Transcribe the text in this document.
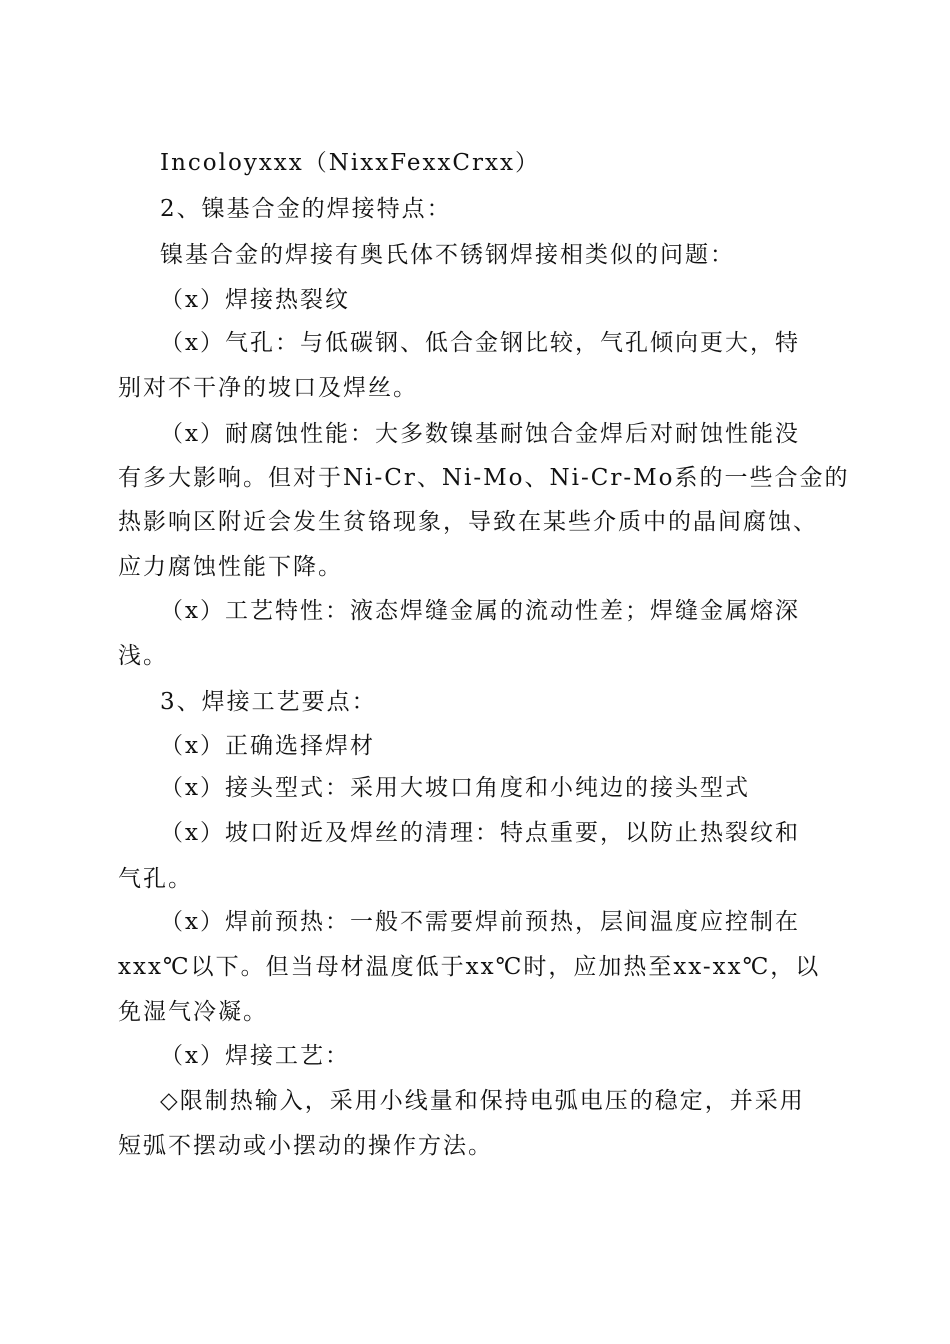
Incoloyxxx（NixxFexxCrxx）
2、镍基合金的焊接特点：
镍基合金的焊接有奥氏体不锈钢焊接相类似的问题：
（x）焊接热裂纹
（x）气孔：与低碳钢、低合金钢比较，气孔倾向更大，特
别对不干净的坡口及焊丝。
（x）耐腐蚀性能：大多数镍基耐蚀合金焊后对耐蚀性能没
有多大影响。但对于Ni-Cr、Ni-Mo、Ni-Cr-Mo系的一些合金的
热影响区附近会发生贫铬现象，导致在某些介质中的晶间腐蚀、
应力腐蚀性能下降。
（x）工艺特性：液态焊缝金属的流动性差；焊缝金属熔深
浅。
3、焊接工艺要点：
（x）正确选择焊材
（x）接头型式：采用大坡口角度和小纯边的接头型式
（x）坡口附近及焊丝的清理：特点重要，以防止热裂纹和
气孔。
（x）焊前预热：一般不需要焊前预热，层间温度应控制在
xxx℃以下。但当母材温度低于xx℃时，应加热至xx-xx℃，以
免湿气冷凝。
（x）焊接工艺：
◇限制热输入，采用小线量和保持电弧电压的稳定，并采用
短弧不摆动或小摆动的操作方法。
